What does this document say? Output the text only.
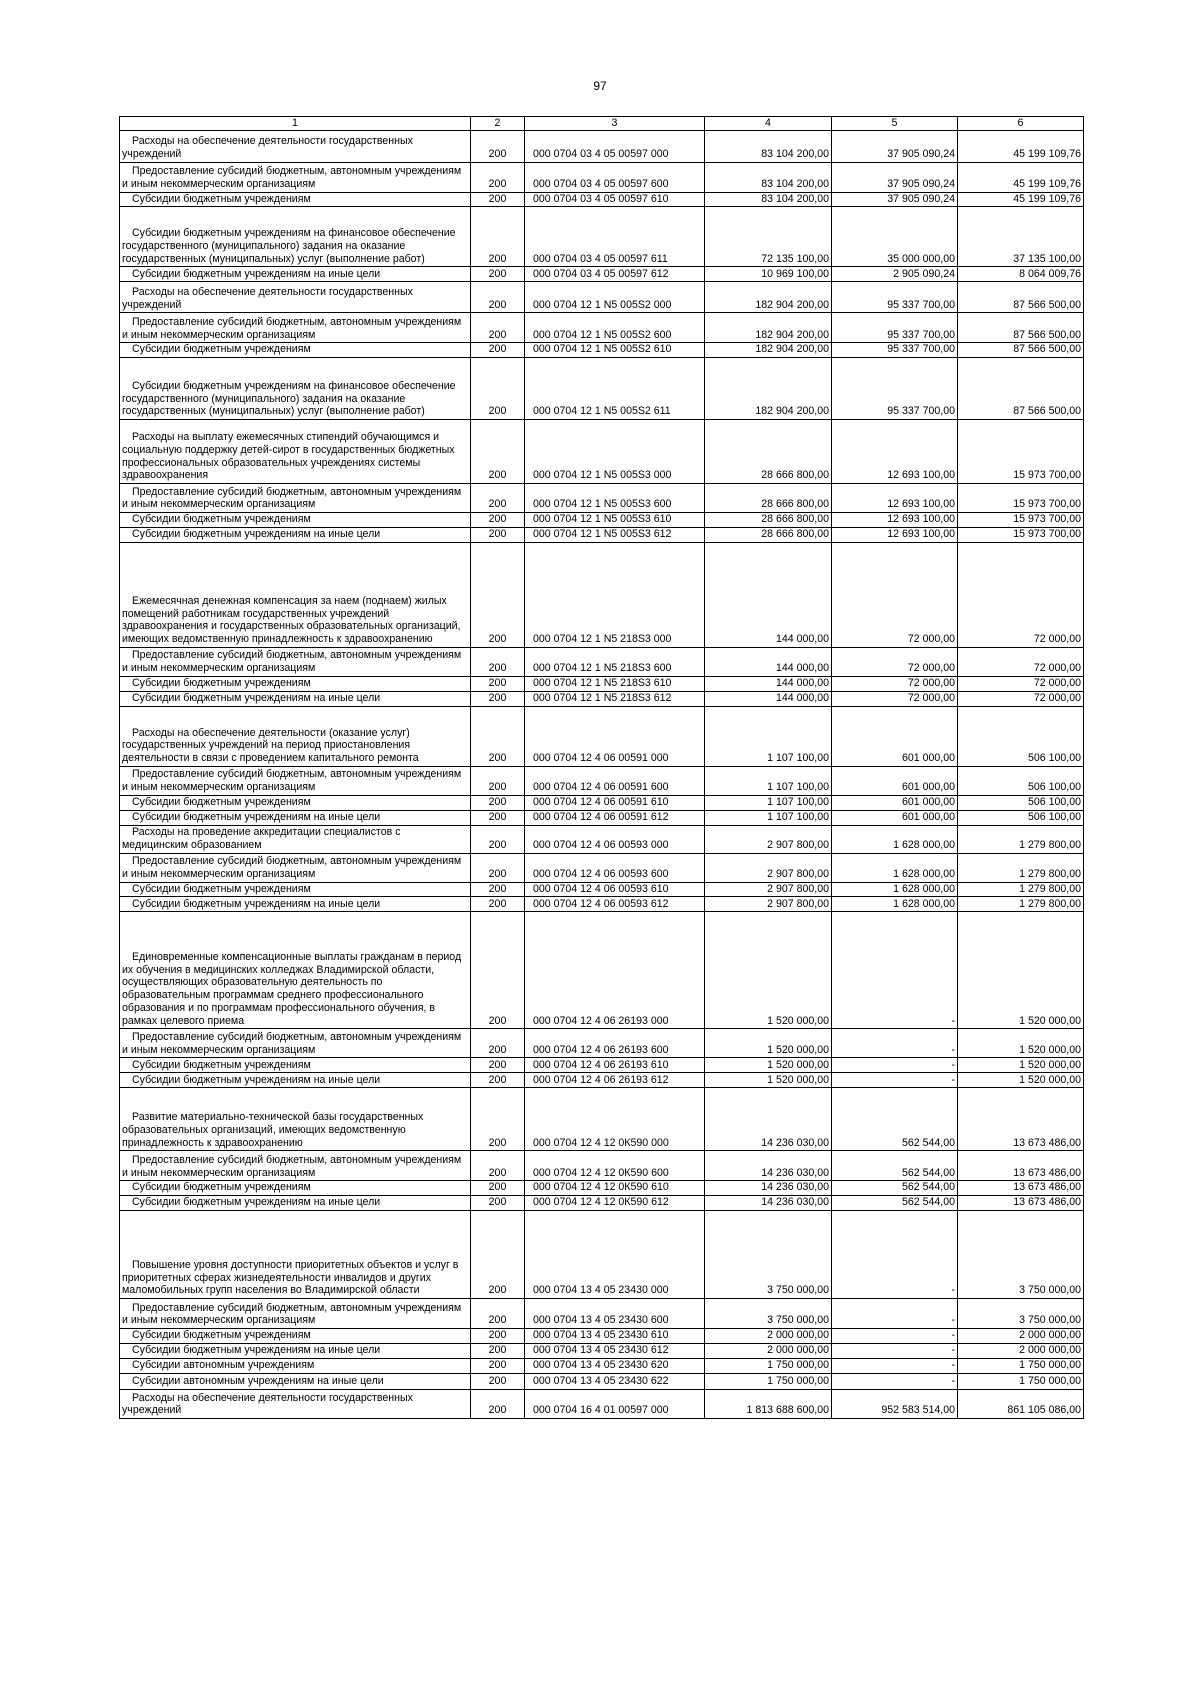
97
1	2	3	4	5	6

Расходы на обеспечение деятельности государственных учреждений	200	000 0704 03 4 05 00597 000	83 104 200,00	37 905 090,24	45 199 109,76

Предоставление субсидий бюджетным, автономным учреждениям и иным некоммерческим организациям	200	000 0704 03 4 05 00597 600	83 104 200,00	37 905 090,24	45 199 109,76

Субсидии бюджетным учреждениям	200	000 0704 03 4 05 00597 610	83 104 200,00	37 905 090,24	45 199 109,76

Субсидии бюджетным учреждениям на финансовое обеспечение государственного (муниципального) задания на оказание государственных (муниципальных) услуг (выполнение работ)	200	000 0704 03 4 05 00597 611	72 135 100,00	35 000 000,00	37 135 100,00

Субсидии бюджетным учреждениям на иные цели	200	000 0704 03 4 05 00597 612	10 969 100,00	2 905 090,24	8 064 009,76

Расходы на обеспечение деятельности государственных учреждений	200	000 0704 12 1 N5 005S2 000	182 904 200,00	95 337 700,00	87 566 500,00

Предоставление субсидий бюджетным, автономным учреждениям и иным некоммерческим организациям	200	000 0704 12 1 N5 005S2 600	182 904 200,00	95 337 700,00	87 566 500,00

Субсидии бюджетным учреждениям	200	000 0704 12 1 N5 005S2 610	182 904 200,00	95 337 700,00	87 566 500,00

Субсидии бюджетным учреждениям на финансовое обеспечение государственного (муниципального) задания на оказание государственных (муниципальных) услуг (выполнение работ)	200	000 0704 12 1 N5 005S2 611	182 904 200,00	95 337 700,00	87 566 500,00

Расходы на выплату ежемесячных стипендий обучающимся и социальную поддержку детей-сирот в государственных бюджетных профессиональных образовательных учреждениях системы здравоохранения	200	000 0704 12 1 N5 005S3 000	28 666 800,00	12 693 100,00	15 973 700,00

Предоставление субсидий бюджетным, автономным учреждениям и иным некоммерческим организациям	200	000 0704 12 1 N5 005S3 600	28 666 800,00	12 693 100,00	15 973 700,00

Субсидии бюджетным учреждениям	200	000 0704 12 1 N5 005S3 610	28 666 800,00	12 693 100,00	15 973 700,00

Субсидии бюджетным учреждениям на иные цели	200	000 0704 12 1 N5 005S3 612	28 666 800,00	12 693 100,00	15 973 700,00

Ежемесячная денежная компенсация за наем (поднаем) жилых помещений работникам государственных учреждений здравоохранения и государственных образовательных организаций, имеющих ведомственную принадлежность к здравоохранению	200	000 0704 12 1 N5 218S3 000	144 000,00	72 000,00	72 000,00

Предоставление субсидий бюджетным, автономным учреждениям и иным некоммерческим организациям	200	000 0704 12 1 N5 218S3 600	144 000,00	72 000,00	72 000,00

Субсидии бюджетным учреждениям	200	000 0704 12 1 N5 218S3 610	144 000,00	72 000,00	72 000,00

Субсидии бюджетным учреждениям на иные цели	200	000 0704 12 1 N5 218S3 612	144 000,00	72 000,00	72 000,00

Расходы на обеспечение деятельности (оказание услуг) государственных учреждений на период приостановления деятельности в связи с проведением капитального ремонта	200	000 0704 12 4 06 00591 000	1 107 100,00	601 000,00	506 100,00

Предоставление субсидий бюджетным, автономным учреждениям и иным некоммерческим организациям	200	000 0704 12 4 06 00591 600	1 107 100,00	601 000,00	506 100,00

Субсидии бюджетным учреждениям	200	000 0704 12 4 06 00591 610	1 107 100,00	601 000,00	506 100,00

Субсидии бюджетным учреждениям на иные цели	200	000 0704 12 4 06 00591 612	1 107 100,00	601 000,00	506 100,00

Расходы на проведение аккредитации специалистов с медицинским образованием	200	000 0704 12 4 06 00593 000	2 907 800,00	1 628 000,00	1 279 800,00

Предоставление субсидий бюджетным, автономным учреждениям и иным некоммерческим организациям	200	000 0704 12 4 06 00593 600	2 907 800,00	1 628 000,00	1 279 800,00

Субсидии бюджетным учреждениям	200	000 0704 12 4 06 00593 610	2 907 800,00	1 628 000,00	1 279 800,00

Субсидии бюджетным учреждениям на иные цели	200	000 0704 12 4 06 00593 612	2 907 800,00	1 628 000,00	1 279 800,00

Единовременные компенсационные выплаты гражданам в период их обучения в медицинских колледжах Владимирской области, осуществляющих образовательную деятельность по образовательным программам среднего профессионального образования и по программам профессионального обучения, в рамках целевого приема	200	000 0704 12 4 06 26193 000	1 520 000,00	-	1 520 000,00

Предоставление субсидий бюджетным, автономным учреждениям и иным некоммерческим организациям	200	000 0704 12 4 06 26193 600	1 520 000,00	-	1 520 000,00

Субсидии бюджетным учреждениям	200	000 0704 12 4 06 26193 610	1 520 000,00	-	1 520 000,00

Субсидии бюджетным учреждениям на иные цели	200	000 0704 12 4 06 26193 612	1 520 000,00	-	1 520 000,00

Развитие материально-технической базы государственных образовательных организаций, имеющих ведомственную принадлежность к здравоохранению	200	000 0704 12 4 12 0К590 000	14 236 030,00	562 544,00	13 673 486,00

Предоставление субсидий бюджетным, автономным учреждениям и иным некоммерческим организациям	200	000 0704 12 4 12 0К590 600	14 236 030,00	562 544,00	13 673 486,00

Субсидии бюджетным учреждениям	200	000 0704 12 4 12 0К590 610	14 236 030,00	562 544,00	13 673 486,00

Субсидии бюджетным учреждениям на иные цели	200	000 0704 12 4 12 0К590 612	14 236 030,00	562 544,00	13 673 486,00

Повышение уровня доступности приоритетных объектов и услуг в приоритетных сферах жизнедеятельности инвалидов и других маломобильных групп населения во Владимирской области	200	000 0704 13 4 05 23430 000	3 750 000,00	-	3 750 000,00

Предоставление субсидий бюджетным, автономным учреждениям и иным некоммерческим организациям	200	000 0704 13 4 05 23430 600	3 750 000,00	-	3 750 000,00

Субсидии бюджетным учреждениям	200	000 0704 13 4 05 23430 610	2 000 000,00	-	2 000 000,00

Субсидии бюджетным учреждениям на иные цели	200	000 0704 13 4 05 23430 612	2 000 000,00	-	2 000 000,00

Субсидии автономным учреждениям	200	000 0704 13 4 05 23430 620	1 750 000,00	-	1 750 000,00

Субсидии автономным учреждениям на иные цели	200	000 0704 13 4 05 23430 622	1 750 000,00	-	1 750 000,00

Расходы на обеспечение деятельности государственных учреждений	200	000 0704 16 4 01 00597 000	1 813 688 600,00	952 583 514,00	861 105 086,00
